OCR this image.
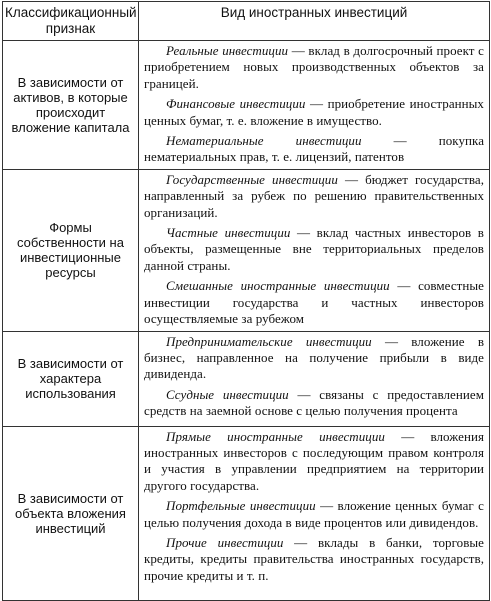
Классификационный признак	Вид иностранных инвестиций
В зависимости от активов, в которые происходит вложение капитала	Реальные инвестиции — вклад в долгосрочный проект с приобретением новых производственных объектов за границей.

Финансовые инвестиции — приобретение иностранных ценных бумаг, т. е. вложение в имущество.

Нематериальные инвестиции — покупка нематериальных прав, т. е. лицензий, патентов

Формы собственности на инвестиционные ресурсы	Государственные инвестиции — бюджет государства, направленный за рубеж по решению правительственных организаций.

Частные инвестиции — вклад частных инвесторов в объекты, размещенные вне территориальных пределов данной страны.

Смешанные иностранные инвестиции — совместные инвестиции государства и частных инвесторов осуществляемые за рубежом

В зависимости от характера использования	Предпринимательские инвестиции — вложение в бизнес, направленное на получение прибыли в виде дивиденда.

Ссудные инвестиции — связаны с предоставлением средств на заемной основе с целью получения процента

В зависимости от объекта вложения инвестиций	Прямые иностранные инвестиции — вложения иностранных инвесторов с последующим правом контроля и участия в управлении предприятием на территории другого государства.

Портфельные инвестиции — вложение ценных бумаг с целью получения дохода в виде процентов или дивидендов.

Прочие инвестиции — вклады в банки, торговые кредиты, кредиты правительства иностранных государств, прочие кредиты и т. п.
